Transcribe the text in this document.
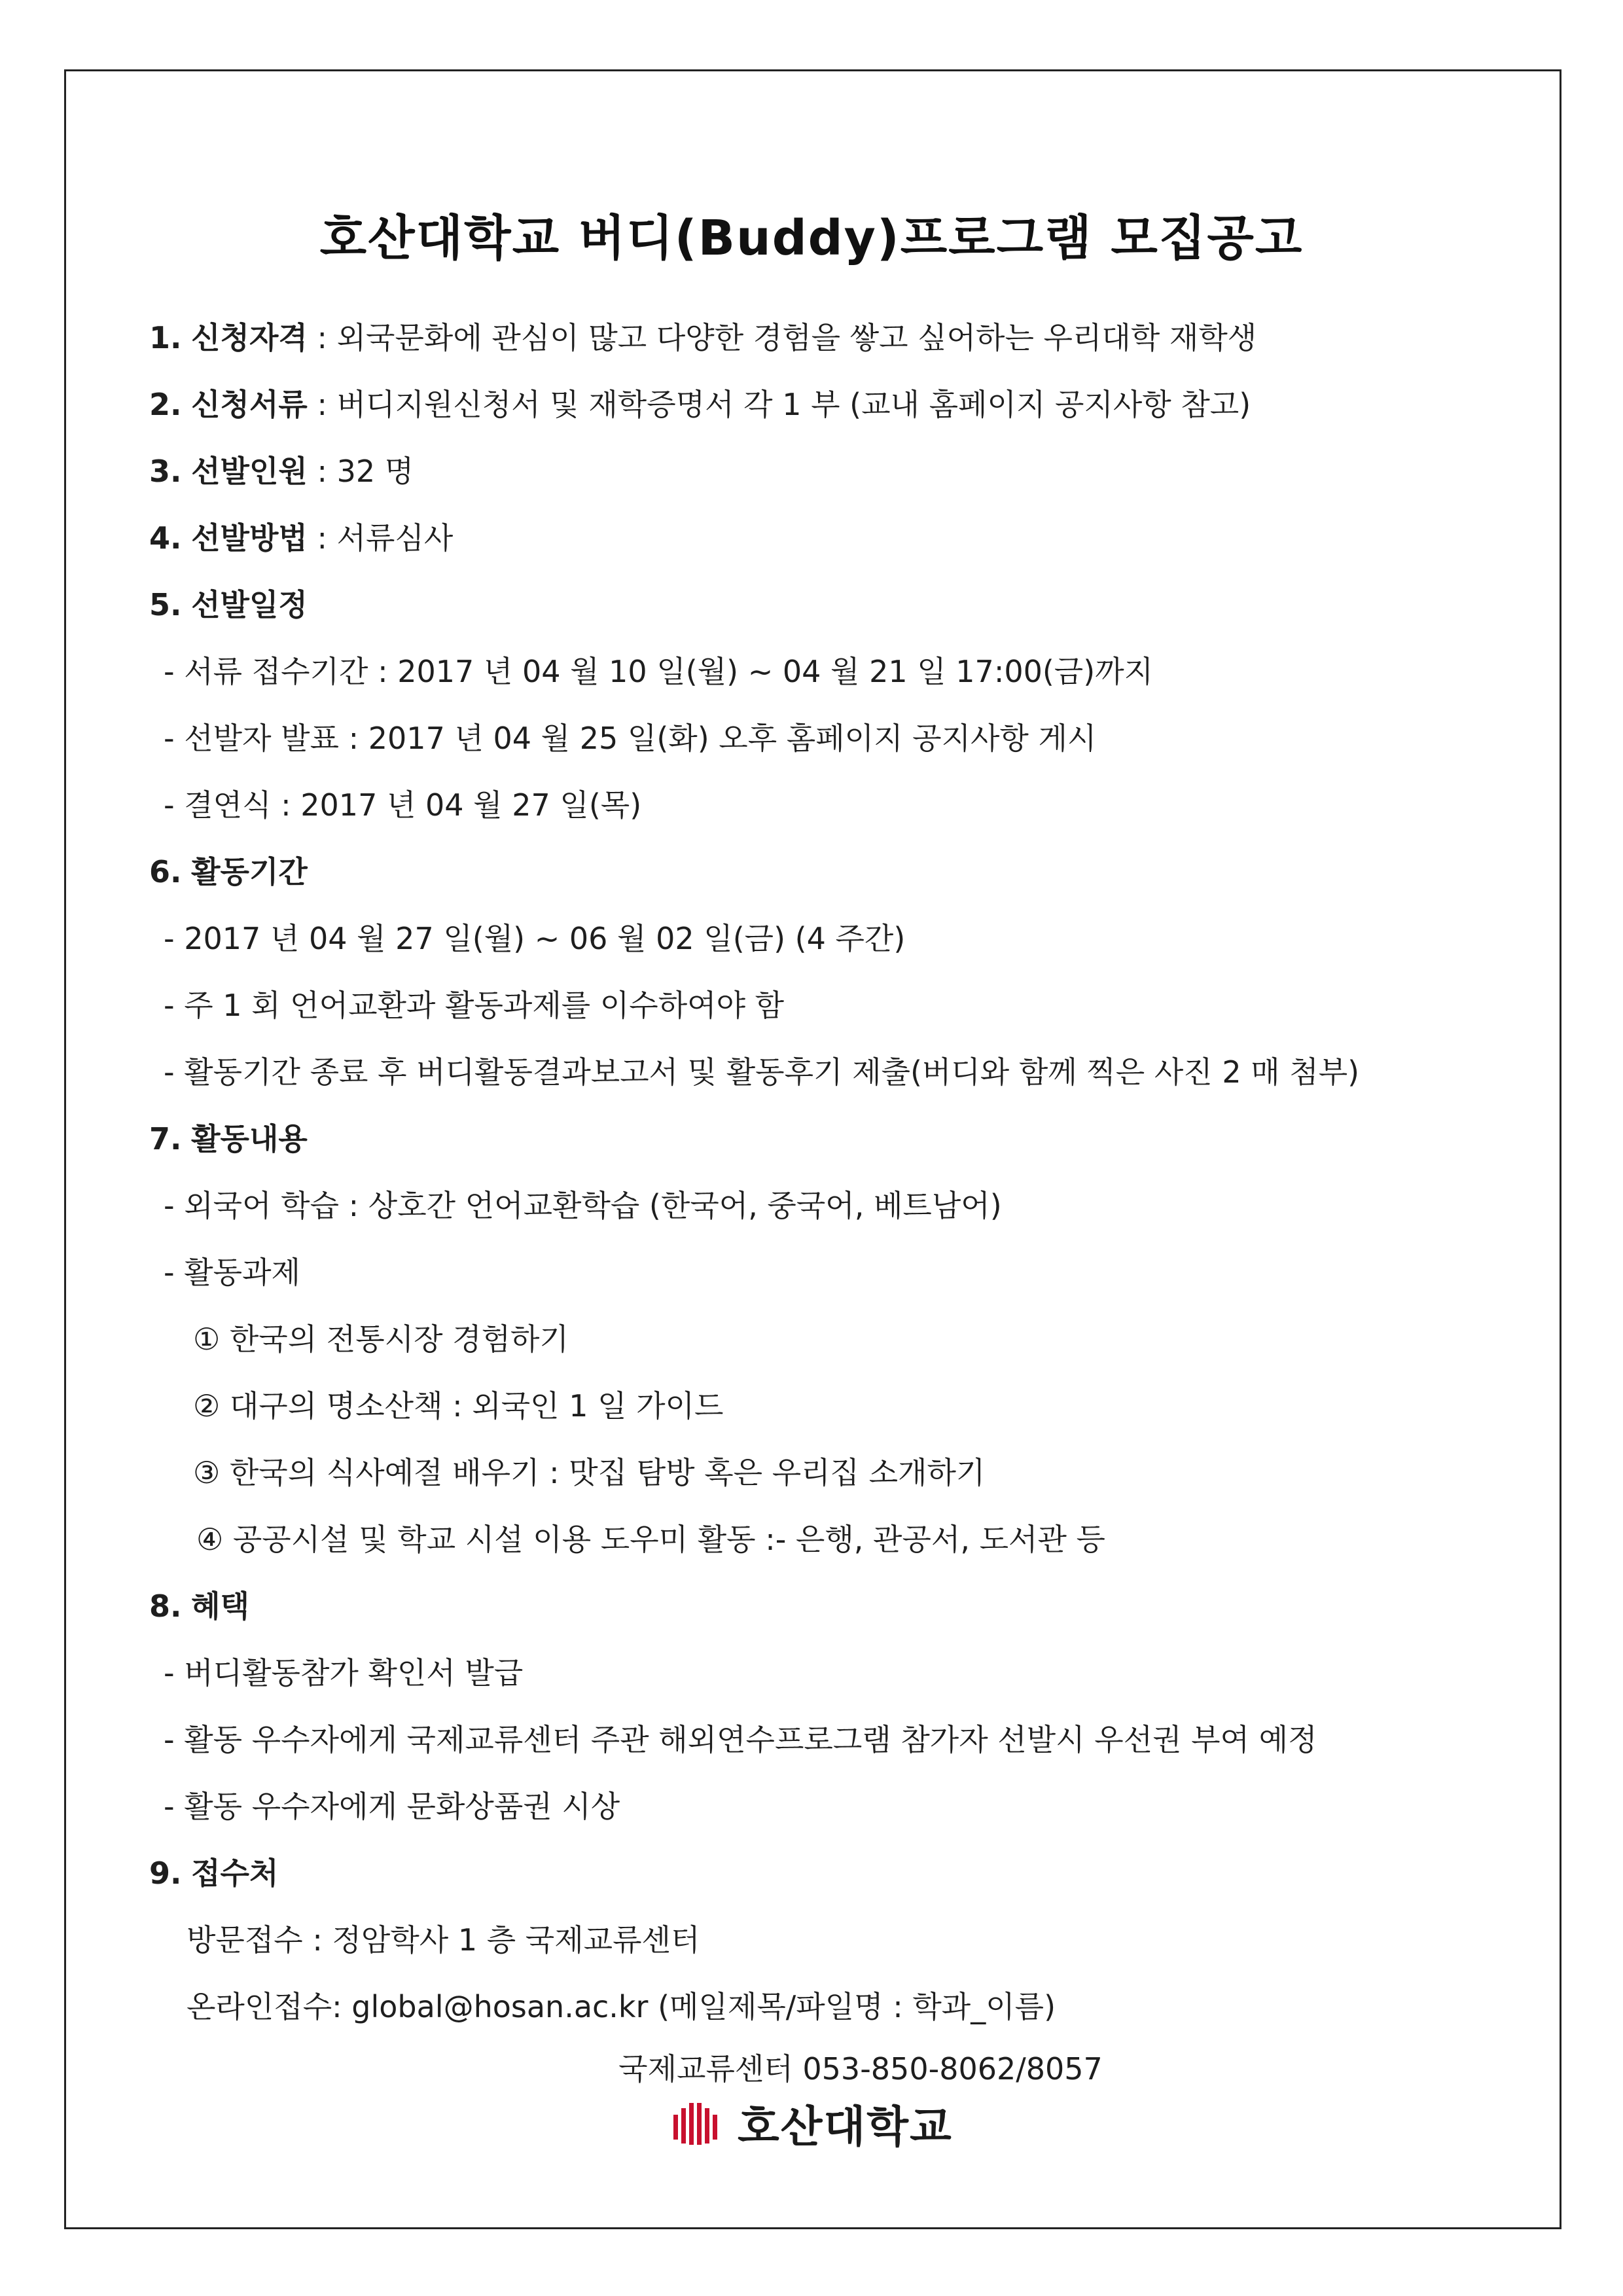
호산대학교 버디(Buddy)프로그램 모집공고
1. 신청자격 : 외국문화에 관심이 많고 다양한 경험을 쌓고 싶어하는 우리대학 재학생
2. 신청서류 : 버디지원신청서 및 재학증명서 각 1 부 (교내 홈페이지 공지사항 참고)
3. 선발인원 : 32 명
4. 선발방법 : 서류심사
5. 선발일정
- 서류 접수기간 : 2017 년 04 월 10 일(월) ~ 04 월 21 일 17:00(금)까지
- 선발자 발표 : 2017 년 04 월 25 일(화) 오후 홈페이지 공지사항 게시
- 결연식 : 2017 년 04 월 27 일(목)
6. 활동기간
- 2017 년 04 월 27 일(월) ~ 06 월 02 일(금) (4 주간)
- 주 1 회 언어교환과 활동과제를 이수하여야 함
- 활동기간 종료 후 버디활동결과보고서 및 활동후기 제출(버디와 함께 찍은 사진 2 매 첨부)
7. 활동내용
- 외국어 학습 : 상호간 언어교환학습 (한국어, 중국어, 베트남어)
- 활동과제
① 한국의 전통시장 경험하기
② 대구의 명소산책 : 외국인 1 일 가이드
③ 한국의 식사예절 배우기 : 맛집 탐방 혹은 우리집 소개하기
④ 공공시설 및 학교 시설 이용 도우미 활동 :- 은행, 관공서, 도서관 등
8. 혜택
- 버디활동참가 확인서 발급
- 활동 우수자에게 국제교류센터 주관 해외연수프로그램 참가자 선발시 우선권 부여 예정
- 활동 우수자에게 문화상품권 시상
9. 접수처
방문접수 : 정암학사 1 층 국제교류센터
온라인접수: global@hosan.ac.kr (메일제목/파일명 : 학과_이름)
국제교류센터 053-850-8062/8057
호산대학교
